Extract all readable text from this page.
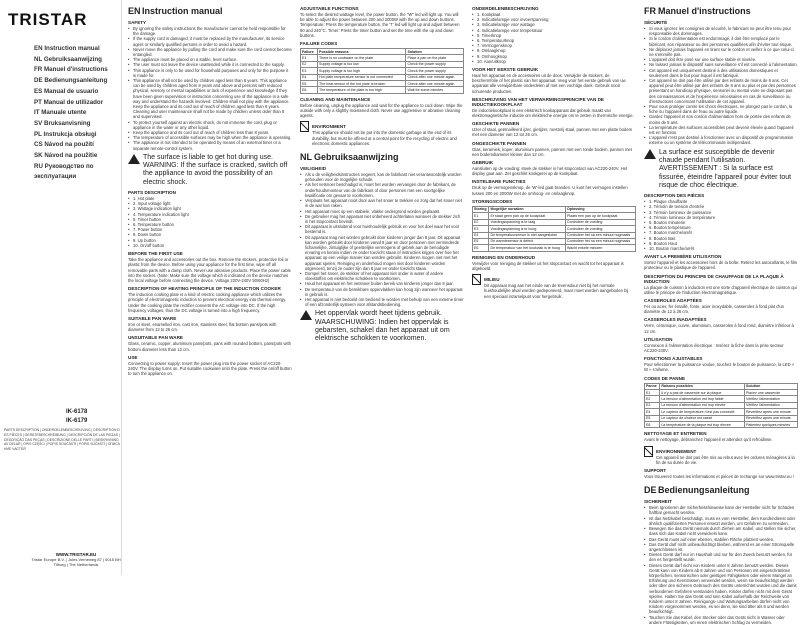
TRISTAR
EN Instruction manual
NL Gebruiksaanwijzing
FR Manuel d'instructions
DE Bedienungsanleitung
ES Manual de usuario
PT Manual de utilizador
IT Manuale utente
SV Bruksanvisning
PL Instrukcja obsługi
CS Návod na použití
SK Návod na použitie
RU Руководство по эксплуатации
IK-6178
IK-6179
PARTS DESCRIPTION | ONDERDELENBESCHRIJVING | DESCRIPTION DES PIÈCES | GERÄTEBESCHREIBUNG | DESCRIPCIÓN DE LAS PIEZAS | DESCRIÇÃO DAS PEÇAS | DESCRIZIONE DELLE PARTI | BESKRIVNING AV DELAR | OPIS CZĘŚCI | POPIS SOUČÁSTÍ | POPIS SÚČASTÍ | ОПИСАНИЕ ЧАСТЕЙ
WWW.TRISTAR.EU
Tristar Europe B.V. | Jules Verneweg 87 | 5015 BH Tilburg | The Netherlands
ENInstruction manual
SAFETY
• By ignoring the safety instructions the manufacturer cannot be held responsible for the damage.
• If the supply cord is damaged, it must be replaced by the manufacturer, its service agent or similarly qualified persons in order to avoid a hazard.
• Never move the appliance by pulling the cord and make sure the cord cannot become entangled.
• The appliance must be placed on a stable, level surface.
• The user must not leave the device unattended while it is connected to the supply.
• This appliance is only to be used for household purposes and only for the purpose it is made for.
• This appliance shall not be used by children aged less than 8 years. This appliance can be used by children aged from 8 years and above and persons with reduced physical, sensory or mental capabilities or lack of experience and knowledge if they have been given supervision or instruction concerning use of the appliance in a safe way and understand the hazards involved. Children shall not play with the appliance. Keep the appliance and its cord out of reach of children aged less than 8 years. Cleaning and user maintenance shall not be made by children unless older than 8 and supervised.
• To protect yourself against an electric shock, do not immerse the cord, plug or appliance in the water or any other liquid.
• Keep the appliance and its cord out of reach of children less than 8 years.
• The temperature of accessible surfaces may be high when the appliance is operating.
• The appliance is not intended to be operated by means of an external timer or a separate remote-control system.
The surface is liable to get hot during use. WARNING: If the surface is cracked, switch off the appliance to avoid the possibility of an electric shock.
PARTS DESCRIPTION
• 1. Hot plate
• 2. Input voltage light
• 3. Wattage indication light
• 4. Temperature indication light
• 5. Timer button
• 6. Temperature button
• 7. Power button
• 8. Down button
• 9. Up button
• 10. On/off button
BEFORE THE FIRST USE
Take the appliance and accessories out the box. Remove the stickers, protective foil or plastic from the device. Before using your appliance for the first time, wipe off all removable parts with a damp cloth. Never use abrasive products. Place the power cable into the socket. (Note: Make sure the voltage which is indicated on the device matches the local voltage before connecting the device. Voltage 220V-240V 50/60Hz)
DESCRIPTION OF HEATING PRINCIPLE OF THE INDUCTION COOKER
The induction cooking plate is a kind of electric cooking appliance which utilizes the principle of electromagnetic induction to prevent electrical energy into thermal energy. Under the cooking plate the rectifier converts the AC voltage into DC. If the high frequency voltages, thus the DC voltage is turned into a high frequency.
SUITABLE PAN WARE
Iron or steel, enamelled iron, cast iron, stainless steel, flat bottom pans/pots with diameter from 12 to 26 cm.
UNSUITABLE PAN WARE
Glass, ceramic, copper, aluminium pans/pots, pans with rounded bottom, pans/pots with bottom diameter less than 12 cm.
USE
Connecting to power supply: Insert the power plug into the power socket of AC220-240V. The display turns on. Put suitable cookware onto the plate. Press the on/off button to turn the appliance on.
ADJUSTABLE FUNCTIONS
To select the desired wattage level, the power button, the "W" led will light up. You will be able to adjust the power between 200 and 2000W with the up and down buttons. Temperature: Press the temperature button, the 'T' led will light up and adjust between 60 and 240°C. Timer: Press the timer button and set the time with the up and down buttons.
FAILURE CODES
Failure	Possible reasons	Solution
E1	There is no cookware on the plate	Place a pan on the plate
E2	Supply voltage is too low	Check the power supply
E3	Supply voltage is too high	Check the power supply
E4	Hot plate temperature sensor is not connected	Check after one minute again
E5	The heat sensor of the hot plate is broken	Check after one minute again
E6	The temperature of the plate is too high	Wait for some minutes
CLEANING AND MAINTENANCE
Before cleaning, unplug the appliance and wait for the appliance to cool down. Wipe the outside with only a slightly moistened cloth. Never use aggressive or abrasive cleaning agents.
ENVIRONMENT
This appliance should not be put into the domestic garbage at the end of its durability, but must be offered at a central point for the recycling of electric and electronic domestic appliances.
NL Gebruiksaanwijzing
VEILIGHEID
• Als u de veiligheidsinstructies negeert, kan de fabrikant niet verantwoordelijk worden gehouden voor de mogelijke schade.
• Als het netsnoer beschadigd is, moet het worden vervangen door de fabrikant, de onderhoudsmonteur van de fabrikant of door personen met een soortgelijke kwalificatie om gevaar te voorkomen.
• Verplaats het apparaat nooit door aan het snoer te trekken en zorg dat het snoer niet in de war kan raken.
• Het apparaat moet op een stabiele, vlakke ondergrond worden geplaatst.
• De gebruiker mag het apparaat niet onbeheerd achterlaten wanneer de stekker zich in het stopcontact bevindt.
• Dit apparaat is uitsluitend voor huishoudelijk gebruik en voor het doel waar het voor bestemd is.
• Dit apparaat mag niet worden gebruikt door kinderen jonger dan 8 jaar. Dit apparaat kan worden gebruikt door kinderen vanaf 8 jaar en door personen met verminderde lichamelijke, zintuiglijke of geestelijke vermogens of gebrek aan de benodigde ervaring en kennis indien ze onder toezicht staan of instructies krijgen over hoe het apparaat op een veilige manier kan worden gebruikt. Kinderen mogen niet met het apparaat spelen. Reiniging en onderhoud mogen niet door kinderen worden uitgevoerd, tenzij ze ouder zijn dan 8 jaar en onder toezicht staan.
• Dompel het snoer, de stekker of het apparaat niet onder in water of andere vloeistoffen om elektrische schokken te voorkomen.
• Houd het apparaat en het netsnoer buiten bereik van kinderen jonger dan 8 jaar.
• De temperatuur van de bereikbare oppervlakken kan hoog zijn wanneer het apparaat in gebruik is.
• Het apparaat is niet bedoeld om bediend te worden met behulp van een externe timer of een afzonderlijk systeem voor afstandsbediening.
Het oppervlak wordt heet tijdens gebruik. WAARSCHUWING: Indien het oppervlak is gebarsten, schakel dan het apparaat uit om elektrische schokken te voorkomen.
ONDERDELENBESCHRIJVING
• 1. Kookplaat
• 2. Indicatielampje voor invoerspanning
• 3. Indicatielampje voor wattage
• 4. Indicatielampje voor temperatuur
• 5. Timerknop
• 6. Temperatuurknop
• 7. Vermogensknop
• 8. Omlaagknop
• 9. Omhoogknop
• 10. Aan/uitknop
VOOR HET EERSTE GEBRUIK
Haal het apparaat en de accessoires uit de doos. Verwijder de stickers, de beschermfolie of het plastic van het apparaat. Veeg voor het eerste gebruik van uw apparaat alle verwijderbare onderdelen af met een vochtige doek. Gebruik nooit schurende producten.
BESCHRIJVING VAN HET VERWARMINGSPRINCIPE VAN DE INDUCTIEKOOKPLAAT
De inductiekookplaat is een elektrisch kookapparaat dat gebruik maakt van elektromagnetische inductie om elektrische energie om te zetten in thermische energie.
GESCHIKTE PANNEN
IJzer of staal, geëmailleerd ijzer, gietijzer, roestvrij staal, pannen met een platte bodem met een diameter van 12 tot 26 cm.
ONGESCHIKTE PANNEN
Glas, keramiek, koper, aluminium pannen, pannen met een ronde bodem, pannen met een bodemdiameter kleiner dan 12 cm.
GEBRUIK
Aansluiten op de voeding: steek de stekker in het stopcontact van AC220-240V. Het display gaat aan. Zet geschikt kookgerei op de kookplaat.
INSTELBARE FUNCTIES
Druk op de vermogensknop, de 'W'-led gaat branden. U kunt het vermogen instellen tussen 200 en 2000W met de omhoog- en omlaagknop.
STORINGSCODES
Storing	Mogelijke oorzaken	Oplossing
E1	Er staat geen pan op de kookplaat	Plaats een pan op de kookplaat
E2	Voedingsspanning is te laag	Controleer de voeding
E3	Voedingsspanning is te hoog	Controleer de voeding
E4	De temperatuursensor is niet aangesloten	Controleer het na een minuut nogmaals
E5	De warmtesensor is defect	Controleer het na een minuut nogmaals
E6	De temperatuur van het kookvlak is te hoog	Wacht enkele minuten
REINIGING EN ONDERHOUD
Verwijder voor reiniging de stekker uit het stopcontact en wacht tot het apparaat is afgekoeld.
MILIEU
Dit apparaat mag aan het einde van de levensduur niet bij het normale huishoudelijke afval worden gedeponeerd, maar moet worden aangeboden bij een speciaal inzamelpunt voor hergebruik.
FR Manuel d'instructions
SÉCURITÉ
• Si vous ignorez les consignes de sécurité, le fabricant ne peut être tenu pour responsable des dommages.
• Si le cordon d'alimentation est endommagé, il doit être remplacé par le fabricant, son réparateur ou des personnes qualifiées afin d'éviter tout risque.
• Ne déplacez jamais l'appareil en tirant sur le cordon et veillez à ce que celui-ci ne s'emmêle pas.
• L'appareil doit être posé sur une surface stable et nivelée.
• Ne laissez jamais le dispositif sans surveillance s'il est connecté à l'alimentation.
• Cet appareil est uniquement destiné à des utilisations domestiques et seulement dans le but pour lequel il est fabriqué.
• Cet appareil ne doit pas être utilisé par des enfants de moins de 8 ans. Cet appareil peut être utilisé par des enfants de 8 ans ou plus et par des personnes présentant un handicap physique, sensoriel ou mental voire ne disposant pas des connaissances et de l'expérience nécessaires en cas de surveillance ou d'instructions concernant l'utilisation de cet appareil.
• Pour vous protéger contre les chocs électriques, ne plongez pas le cordon, la fiche ou l'appareil dans de l'eau ou autre liquide.
• Gardez l'appareil et son cordon d'alimentation hors de portée des enfants de moins de 8 ans.
• La température des surfaces accessibles peut devenir élevée quand l'appareil est en fonction.
• L'appareil n'est pas destiné à fonctionner avec un dispositif de programmation externe ou un système de télécommande indépendant.
La surface est susceptible de devenir chaude pendant l'utilisation. AVERTISSEMENT : Si la surface est fissurée, éteindre l'appareil pour éviter tout risque de choc électrique.
DESCRIPTION DES PIÈCES
• 1. Plaque chauffante
• 2. Témoin de tension d'entrée
• 3. Témoin lumineux de puissance
• 4. Témoin lumineux de température
• 5. Bouton minuterie
• 6. Bouton température
• 7. Bouton marche/arrêt
• 8. Bouton Bas
• 9. Bouton Haut
• 10. Bouton marche/arrêt
AVANT LA PREMIÈRE UTILISATION
Sortez l'appareil et les accessoires hors de la boîte. Retirez les autocollants, le film protecteur ou le plastique de l'appareil.
DESCRIPTION DU PRINCIPE DE CHAUFFAGE DE LA PLAQUE À INDUCTION
La plaque de cuisson à induction est une sorte d'appareil électrique de cuisson qui utilise le principe de l'induction électromagnétique.
CASSEROLES ADAPTÉES
Fer ou acier, fer émaillé, fonte, acier inoxydable, casseroles à fond plat d'un diamètre de 12 à 26 cm.
CASSEROLES INADAPTÉES
Verre, céramique, cuivre, aluminium, casseroles à fond rond, diamètre inférieur à 12 cm.
UTILISATION
Connexion à l'alimentation électrique : Insérez la fiche dans la prise secteur AC220-240V.
FONCTIONS AJUSTABLES
Pour sélectionner la puissance voulue, touchez le bouton de puissance, la LED « W » s'allume.
CODES DE PANNE
Panne	Raisons possibles	Solution
E1	Il n'y a pas de casserole sur la plaque	Placez une casserole
E2	La tension d'alimentation est trop faible	Vérifiez l'alimentation
E3	La tension d'alimentation est trop élevée	Vérifiez l'alimentation
E4	Le capteur de température n'est pas connecté	Revérifiez après une minute
E5	Le capteur de chaleur est cassé	Revérifiez après une minute
E6	La température de la plaque est trop élevée	Patientez quelques minutes
NETTOYAGE ET ENTRETIEN
Avant le nettoyage, débranchez l'appareil et attendez qu'il refroidisse.
ENVIRONNEMENT
Cet appareil ne doit pas être mis au rebut avec les ordures ménagères à la fin de sa durée de vie.
SUPPORT
Vous trouverez toutes les informations et pièces de rechange sur www.tristar.eu !
DEBedienungsanleitung
SICHERHEIT
• Beim Ignorieren der Sicherheitshinweise kann der Hersteller nicht für Schäden haftbar gemacht werden.
• Ist das Netzkabel beschädigt, muss es vom Hersteller, dem Kundendienst oder ähnlich qualifizierten Personen ersetzt werden, um Gefahren zu vermeiden.
• Bewegen Sie das Gerät niemals durch Ziehen am Kabel, und stellen Sie sicher, dass sich das Kabel nicht verwickeln kann.
• Das Gerät muss auf einer ebenen, stabilen Fläche platziert werden.
• Das Gerät darf nicht unbeaufsichtigt bleiben, während es an einer Stromquelle angeschlossen ist.
• Dieses Gerät darf nur im Haushalt und nur für den Zweck benutzt werden, für den es hergestellt wurde.
• Dieses Gerät darf nicht von Kindern unter 8 Jahren benutzt werden. Dieses Gerät kann von Kindern ab 8 Jahren und von Personen mit eingeschränkten körperlichen, sensorischen oder geistigen Fähigkeiten oder einem Mangel an Erfahrung und Kenntnissen verwendet werden, wenn sie beaufsichtigt werden oder über den sicheren Gebrauch des Geräts unterrichtet wurden und die damit verbundenen Gefahren verstanden haben. Kinder dürfen nicht mit dem Gerät spielen. Halten Sie das Gerät und sein Kabel außerhalb der Reichweite von Kindern unter 8 Jahren. Reinigungs- und Wartungsarbeiten dürfen nicht von Kindern vorgenommen werden, es sei denn, sie sind älter als 8 und werden beaufsichtigt.
• Tauchen Sie das Kabel, den Stecker oder das Gerät nicht in Wasser oder andere Flüssigkeiten, um einen elektrischen Schlag zu vermeiden.
